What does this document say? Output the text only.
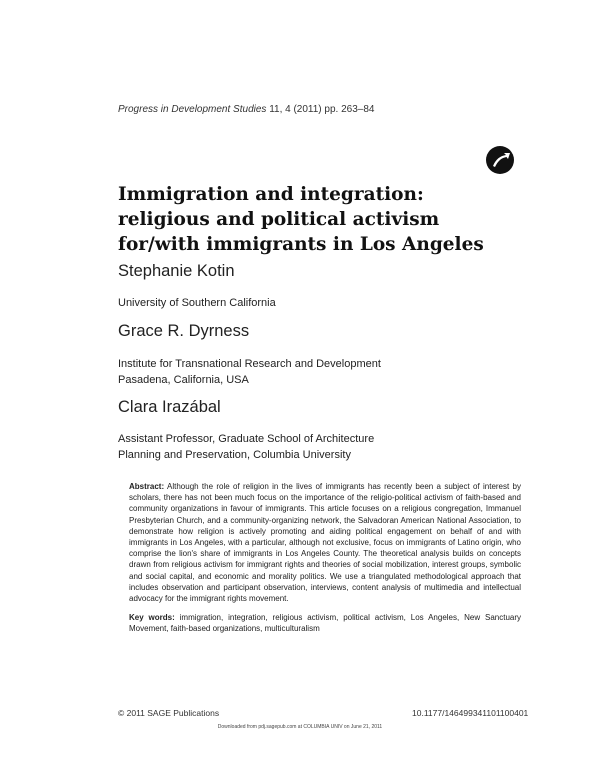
Progress in Development Studies 11, 4 (2011) pp. 263–84
Immigration and integration:
religious and political activism
for/with immigrants in Los Angeles
Stephanie Kotin
University of Southern California
Grace R. Dyrness
Institute for Transnational Research and Development
Pasadena, California, USA
Clara Irazábal
Assistant Professor, Graduate School of Architecture
Planning and Preservation, Columbia University
Abstract: Although the role of religion in the lives of immigrants has recently been a subject of interest by scholars, there has not been much focus on the importance of the religio-political activism of faith-based and community organizations in favour of immigrants. This article focuses on a religious congregation, Immanuel Presbyterian Church, and a community-organizing network, the Salvadoran American National Association, to demonstrate how religion is actively promoting and aiding political engagement on behalf of and with immigrants in Los Angeles, with a particular, although not exclusive, focus on immigrants of Latino origin, who comprise the lion's share of immigrants in Los Angeles County. The theoretical analysis builds on concepts drawn from religious activism for immigrant rights and theories of social mobilization, interest groups, symbolic and social capital, and economic and morality politics. We use a triangulated methodological approach that includes observation and participant observation, interviews, content analysis of multimedia and intellectual advocacy for the immigrant rights movement.
Key words: immigration, integration, religious activism, political activism, Los Angeles, New Sanctuary Movement, faith-based organizations, multiculturalism
© 2011 SAGE Publications	10.1177/146499341101100401
Downloaded from pdj.sagepub.com at COLUMBIA UNIV on June 21, 2011
